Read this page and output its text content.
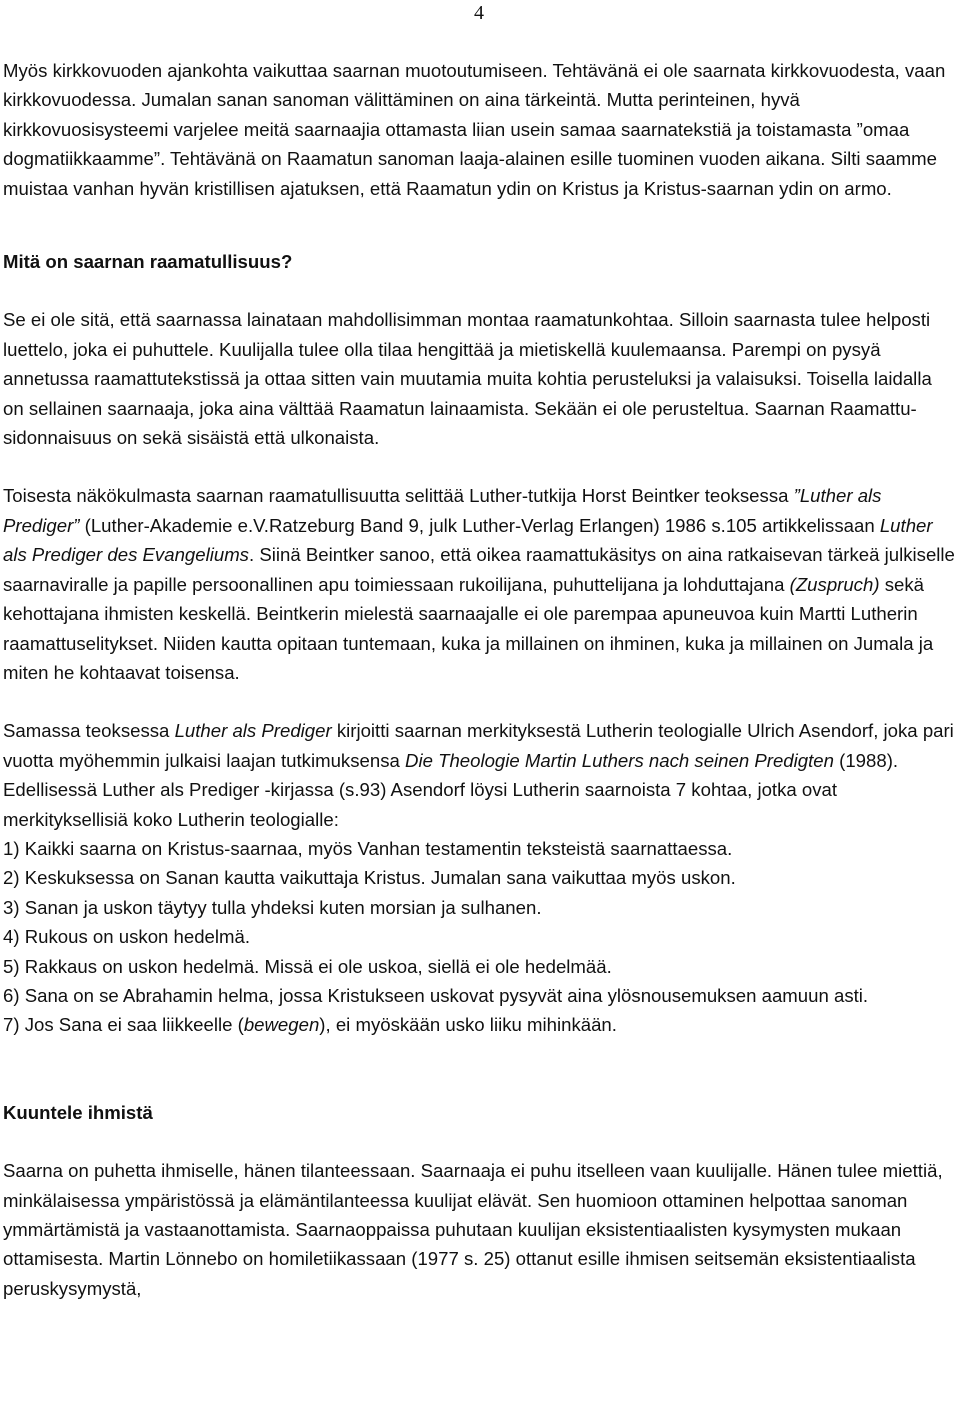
4

Myös kirkkovuoden ajankohta vaikuttaa saarnan muotoutumiseen. Tehtävänä ei ole saarnata kirkkovuodesta, vaan kirkkovuodessa. Jumalan sanan sanoman välittäminen on aina tärkeintä. Mutta perinteinen, hyvä kirkkovuosisysteemi varjelee meitä saarnaajia ottamasta liian usein samaa saarnatekstiä ja toistamasta ”omaa dogmatiikkaamme”. Tehtävänä on Raamatun sanoman laaja-alainen esille tuominen vuoden aikana. Silti saamme muistaa vanhan hyvän kristillisen ajatuksen, että Raamatun ydin on Kristus ja Kristus-saarnan ydin on armo.

Mitä on saarnan raamatullisuus?

Se ei ole sitä, että saarnassa lainataan mahdollisimman montaa raamatunkohtaa. Silloin saarnasta tulee helposti luettelo, joka ei puhuttele. Kuulijalla tulee olla tilaa hengittää ja mietiskellä kuulemaansa. Parempi on pysyä annetussa raamattutekstissä ja ottaa sitten vain muutamia muita kohtia perusteluksi ja valaisuksi. Toisella laidalla on sellainen saarnaaja, joka aina välttää Raamatun lainaamista. Sekään ei ole perusteltua. Saarnan Raamattu-sidonnaisuus on sekä sisäistä että ulkonaista.

Toisesta näkökulmasta saarnan raamatullisuutta selittää Luther-tutkija Horst Beintker teoksessa ”Luther als Prediger” (Luther-Akademie e.V.Ratzeburg Band 9, julk Luther-Verlag Erlangen) 1986 s.105 artikkelissaan Luther als Prediger des Evangeliums. Siinä Beintker sanoo, että oikea raamattukäsitys on aina ratkaisevan tärkeä julkiselle saarnaviralle ja papille persoonallinen apu toimiessaan rukoilijana, puhuttelijana ja lohduttajana (Zuspruch) sekä kehottajana ihmisten keskellä. Beintkerin mielestä saarnaajalle ei ole parempaa apuneuvoa kuin Martti Lutherin raamattuselitykset. Niiden kautta opitaan tuntemaan, kuka ja millainen on ihminen, kuka ja millainen on Jumala ja miten he kohtaavat toisensa.

Samassa teoksessa Luther als Prediger kirjoitti saarnan merkityksestä Lutherin teologialle Ulrich Asendorf, joka pari vuotta myöhemmin julkaisi laajan tutkimuksensa Die Theologie Martin Luthers nach seinen Predigten (1988). Edellisessä Luther als Prediger -kirjassa (s.93) Asendorf löysi Lutherin saarnoista 7 kohtaa, jotka ovat merkityksellisiä koko Lutherin teologialle:

1) Kaikki saarna on Kristus-saarnaa, myös Vanhan testamentin teksteistä saarnattaessa.
2) Keskuksessa on Sanan kautta vaikuttaja Kristus. Jumalan sana vaikuttaa myös uskon.
3) Sanan ja uskon täytyy tulla yhdeksi kuten morsian ja sulhanen.
4) Rukous on uskon hedelmä.
5) Rakkaus on uskon hedelmä. Missä ei ole uskoa, siellä ei ole hedelmää.
6) Sana on se Abrahamin helma, jossa Kristukseen uskovat pysyvät aina ylösnousemuksen aamuun asti.
7) Jos Sana ei saa liikkeelle (bewegen), ei myöskään usko liiku mihinkään.

Kuuntele ihmistä

Saarna on puhetta ihmiselle, hänen tilanteessaan. Saarnaaja ei puhu itselleen vaan kuulijalle. Hänen tulee miettiä, minkälaisessa ympäristössä ja elämäntilanteessa kuulijat elävät. Sen huomioon ottaminen helpottaa sanoman ymmärtämistä ja vastaanottamista. Saarnaoppaissa puhutaan kuulijan eksistentiaalisten kysymysten mukaan ottamisesta. Martin Lönnebo on homiletiikassaan (1977 s. 25) ottanut esille ihmisen seitsemän eksistentiaalista peruskysymystä,
